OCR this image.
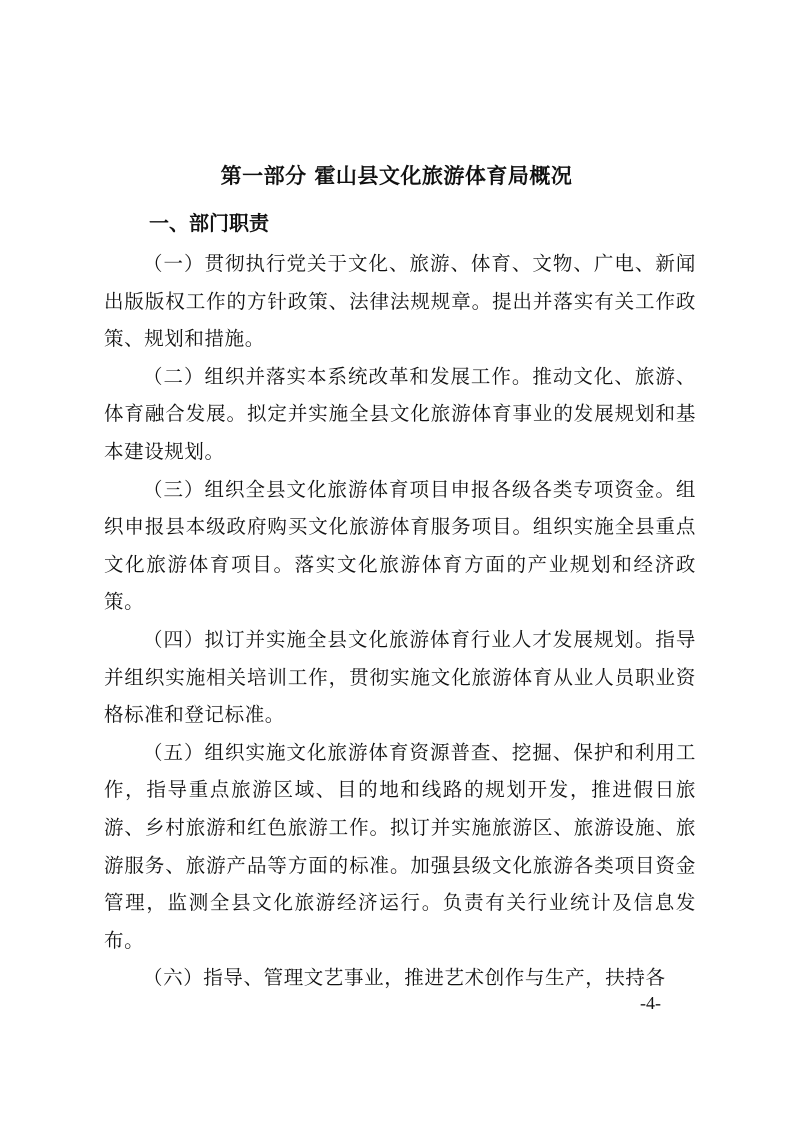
第一部分 霍山县文化旅游体育局概况
一、部门职责

（一）贯彻执行党关于文化、旅游、体育、文物、广电、新闻出版版权工作的方针政策、法律法规规章。提出并落实有关工作政策、规划和措施。

（二）组织并落实本系统改革和发展工作。推动文化、旅游、体育融合发展。拟定并实施全县文化旅游体育事业的发展规划和基本建设规划。

（三）组织全县文化旅游体育项目申报各级各类专项资金。组织申报县本级政府购买文化旅游体育服务项目。组织实施全县重点文化旅游体育项目。落实文化旅游体育方面的产业规划和经济政策。

（四）拟订并实施全县文化旅游体育行业人才发展规划。指导并组织实施相关培训工作，贯彻实施文化旅游体育从业人员职业资格标准和登记标准。

（五）组织实施文化旅游体育资源普查、挖掘、保护和利用工作，指导重点旅游区域、目的地和线路的规划开发，推进假日旅游、乡村旅游和红色旅游工作。拟订并实施旅游区、旅游设施、旅游服务、旅游产品等方面的标准。加强县级文化旅游各类项目资金管理，监测全县文化旅游经济运行。负责有关行业统计及信息发布。

（六）指导、管理文艺事业，推进艺术创作与生产，扶持各

-4-
